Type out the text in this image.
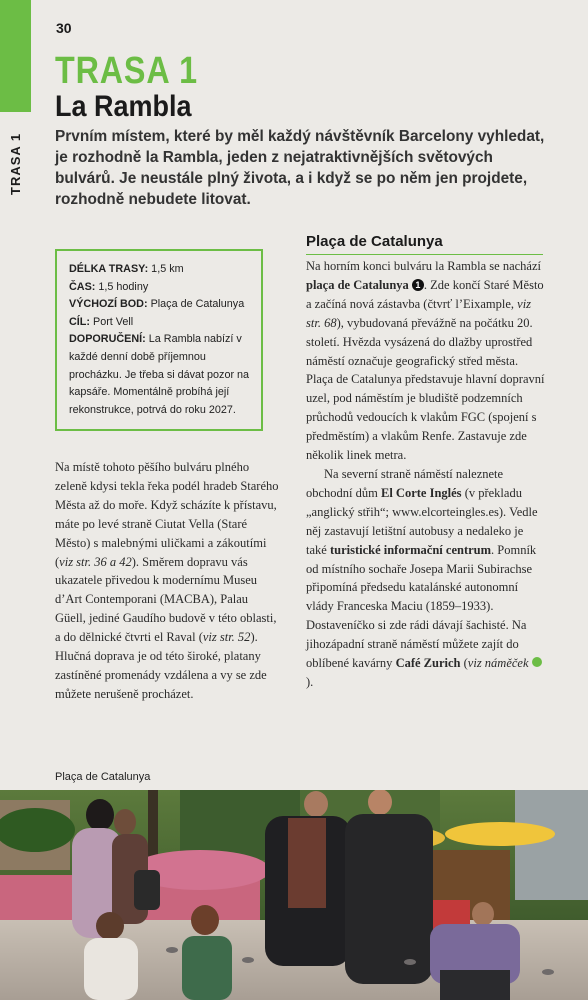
TRASA 1
30
TRASA 1
La Rambla

Prvním místem, které by měl každý návštěvník Barcelony vyhledat, je rozhodně la Rambla, jeden z nejatraktivnějších světových bulvárů. Je neustále plný života, a i když se po něm jen projdete, rozhodně nebudete litovat.

DÉLKA TRASY: 1,5 km

ČAS: 1,5 hodiny

VÝCHOZÍ BOD: Plaça de Catalunya

CÍL: Port Vell

DOPORUČENÍ: La Rambla nabízí v každé denní době příjemnou procházku. Je třeba si dávat pozor na kapsáře. Momentálně probíhá její rekonstrukce, potrvá do roku 2027.

Na místě tohoto pěšího bulváru plného zeleně kdysi tekla řeka podél hradeb Starého Města až do moře. Když scházíte k přístavu, máte po levé straně Ciutat Vella (Staré Město) s malebnými uličkami a zákoutími (viz str. 36 a 42). Směrem dopravu vás ukazatele přivedou k modernímu Museu d’Art Contemporani (MACBA), Palau Güell, jediné Gaudího budově v této oblasti, a do dělnické čtvrti el Raval (viz str. 52). Hlučná doprava je od této široké, platany zastíněné promenády vzdálena a vy se zde můžete nerušeně procházet.

Plaça de Catalunya

Na horním konci bulváru la Rambla se nachází plaça de Catalunya 1 . Zde končí Staré Město a začíná nová zástavba (čtvrť l’Eixample, viz str. 68), vybudovaná převážně na počátku 20. století. Hvězda vysázená do dlažby uprostřed náměstí označuje geografický střed města. Plaça de Catalunya představuje hlavní dopravní uzel, pod náměstím je bludiště podzemních průchodů vedoucích k vlakům FGC (spojení s předměstím) a vlakům Renfe. Zastavuje zde několik linek metra.

Na severní straně náměstí naleznete obchodní dům El Corte Inglés (v překladu „anglický střih“; www.elcorteingles.es). Vedle něj zastavují letištní autobusy a nedaleko je také turistické informační centrum. Pomník od místního sochaře Josepa Marii Subirachse připomíná předsedu katalánské autonomní vlády Franceska Maciu (1859–1933). Dostaveníčko si zde rádi dávají šachisté. Na jihozápadní straně náměstí můžete zajít do oblíbené kavárny Café Zurich (viz náměček ).

Plaça de Catalunya
